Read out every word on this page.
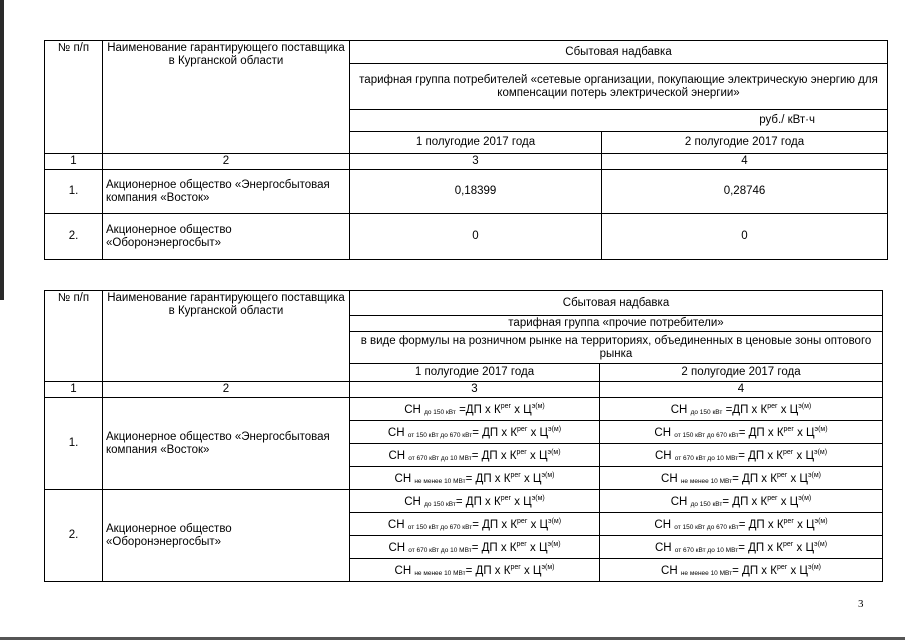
№ п/п	Наименование гарантирующего поставщика в Курганской области	Сбытовая надбавка	
		тарифная группа потребителей «сетевые организации, покупающие электрическую энергию для компенсации потерь электрической энергии»	
		руб./ кВт·ч	
		1 полугодие 2017 года	2 полугодие 2017 года
1	2	3	4
1.	Акционерное общество «Энергосбытовая компания «Восток»	0,18399	0,28746
2.	Акционерное общество «Оборонэнергосбыт»	0	0
№ п/п	Наименование гарантирующего поставщика в Курганской области	Сбытовая надбавка	
		тарифная группа «прочие потребители»	
		в виде формулы на розничном рынке на территориях, объединенных в ценовые зоны оптового рынка	
		1 полугодие 2017 года	2 полугодие 2017 года
1	2	3	4
1.	Акционерное общество «Энергосбытовая компания «Восток»	СН $_{до 150 кВт}$ =ДП х $К^{рег}$ х $Ц^{э(м)}$	СН $_{до 150 кВт}$ =ДП х $К^{рег}$ х $Ц^{э(м)}$
		СН $_{от 150 кВт до 670 кВт}$= ДП х $К^{рег}$ х $Ц^{э(м)}$	СН $_{от 150 кВт до 670 кВт}$= ДП х $К^{рег}$ х $Ц^{э(м)}$
		СН $_{от 670 кВт до 10 МВт}$= ДП х $К^{рег}$ х $Ц^{э(м)}$	СН $_{от 670 кВт до 10 МВт}$= ДП х $К^{рег}$ х $Ц^{э(м)}$
		СН $_{не менее 10 МВт}$= ДП х $К^{рег}$ х $Ц^{э(м)}$	СН $_{не менее 10 МВт}$= ДП х $К^{рег}$ х $Ц^{э(м)}$
2.	Акционерное общество «Оборонэнергосбыт»	СН $_{до 150 кВт}$= ДП х $К^{рег}$ х $Ц^{э(м)}$	СН $_{до 150 кВт}$= ДП х $К^{рег}$ х $Ц^{э(м)}$
		СН $_{от 150 кВт до 670 кВт}$= ДП х $К^{рег}$ х $Ц^{э(м)}$	СН $_{от 150 кВт до 670 кВт}$= ДП х $К^{рег}$ х $Ц^{э(м)}$
		СН $_{от 670 кВт до 10 МВт}$= ДП х $К^{рег}$ х $Ц^{э(м)}$	СН $_{от 670 кВт до 10 МВт}$= ДП х $К^{рег}$ х $Ц^{э(м)}$
		СН $_{не менее 10 МВт}$= ДП х $К^{рег}$ х $Ц^{э(м)}$	СН $_{не менее 10 МВт}$= ДП х $К^{рег}$ х $Ц^{э(м)}$
3
